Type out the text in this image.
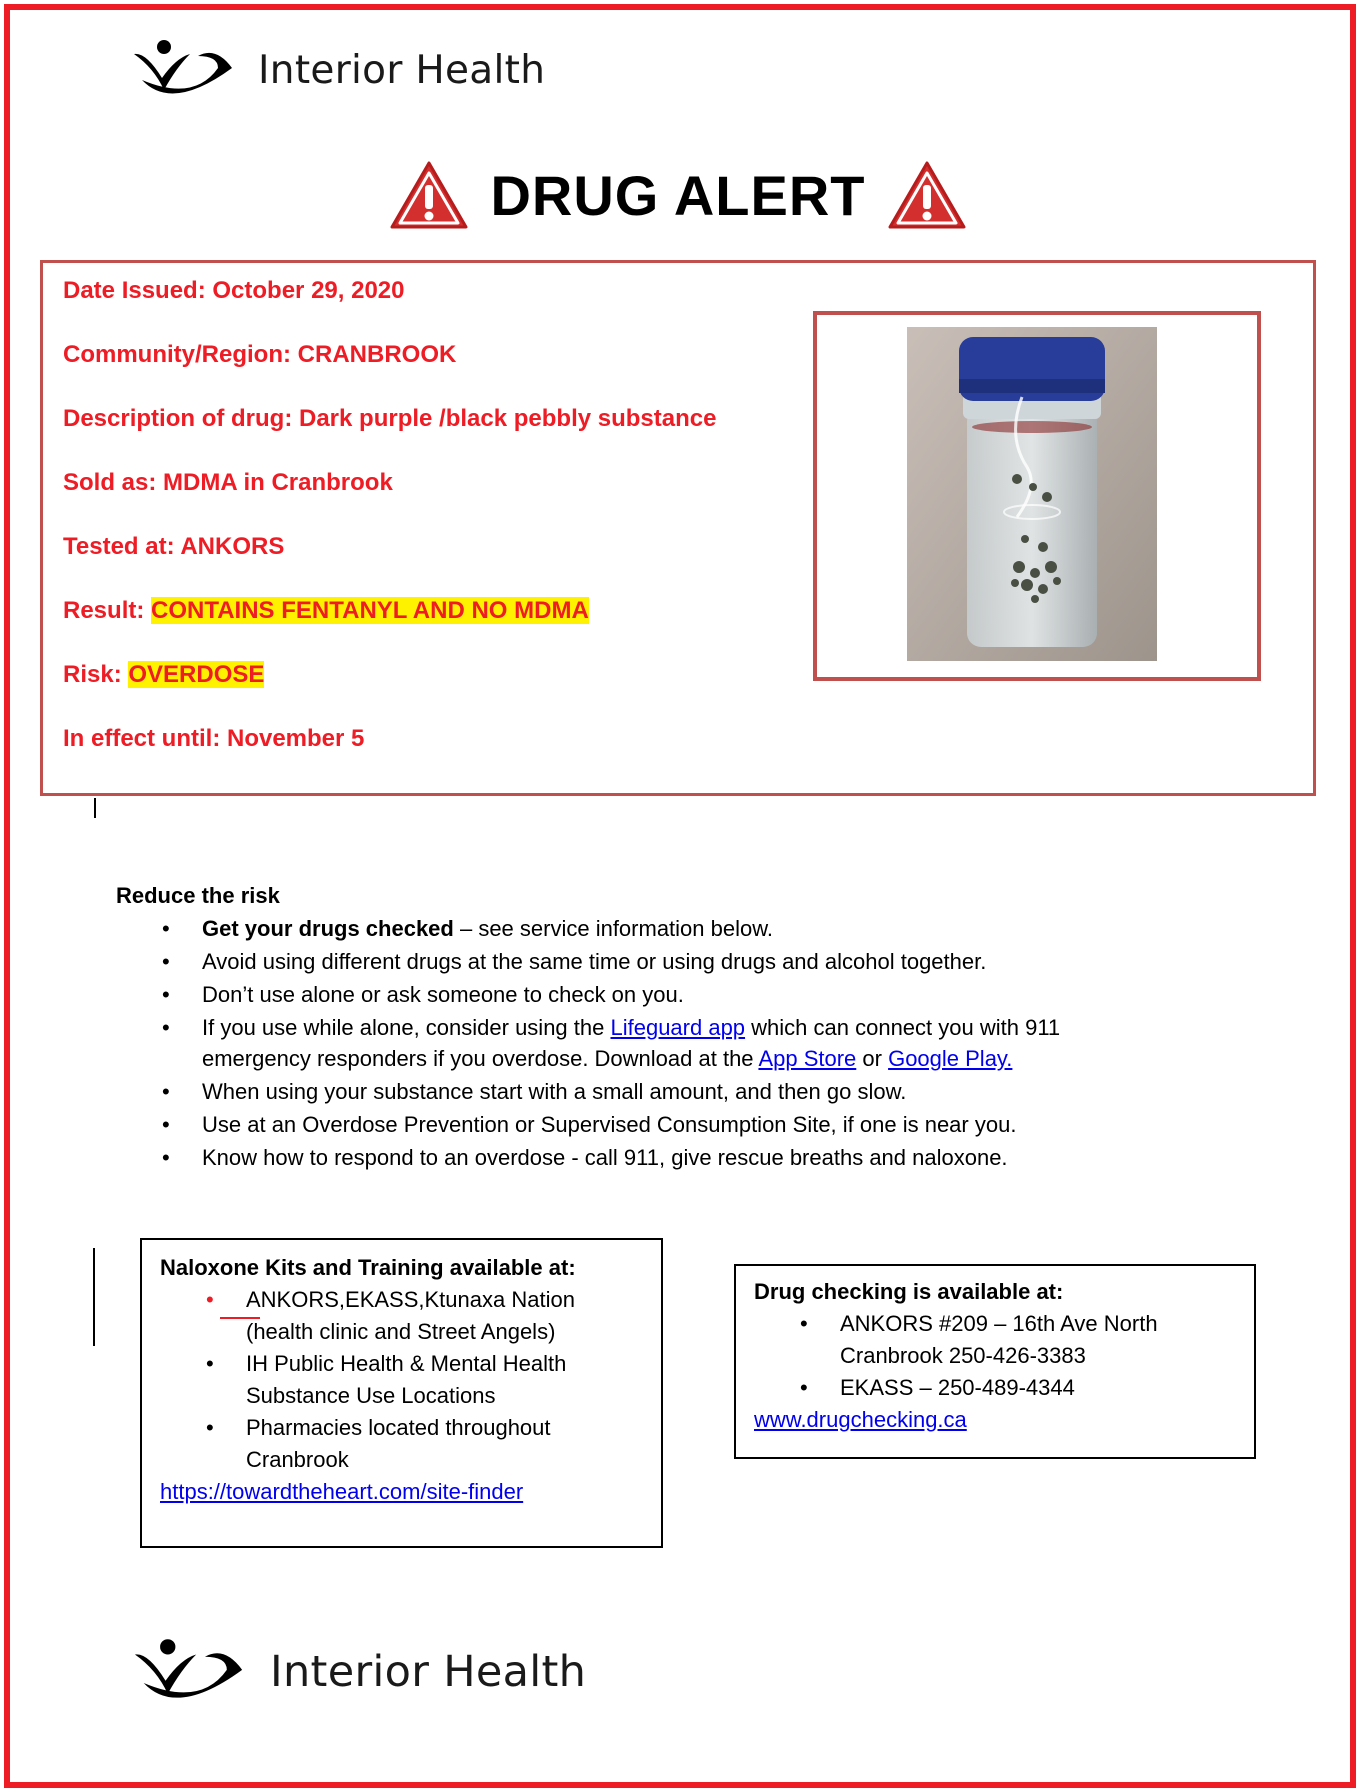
Interior Health
DRUG ALERT
Date Issued: October 29, 2020
Community/Region: CRANBROOK
Description of drug: Dark purple /black pebbly substance
Sold as: MDMA in Cranbrook
Tested at: ANKORS
Result: CONTAINS FENTANYL AND NO MDMA
Risk: OVERDOSE
In effect until: November 5

Reduce the risk

• Get your drugs checked – see service information below.
• Avoid using different drugs at the same time or using drugs and alcohol together.
• Don’t use alone or ask someone to check on you.
• If you use while alone, consider using the Lifeguard app which can connect you with 911
emergency responders if you overdose. Download at the App Store or Google Play.
• When using your substance start with a small amount, and then go slow.
• Use at an Overdose Prevention or Supervised Consumption Site, if one is near you.
• Know how to respond to an overdose - call 911, give rescue breaths and naloxone.

Naloxone Kits and Training available at:

• ANKORS,EKASS,Ktunaxa Nation
(health clinic and Street Angels)
• IH Public Health & Mental Health
Substance Use Locations
• Pharmacies located throughout
Cranbrook
https://towardtheheart.com/site-finder

Drug checking is available at:

• ANKORS #209 – 16th Ave North
Cranbrook 250-426-3383
• EKASS – 250-489-4344
www.drugchecking.ca
Interior Health
